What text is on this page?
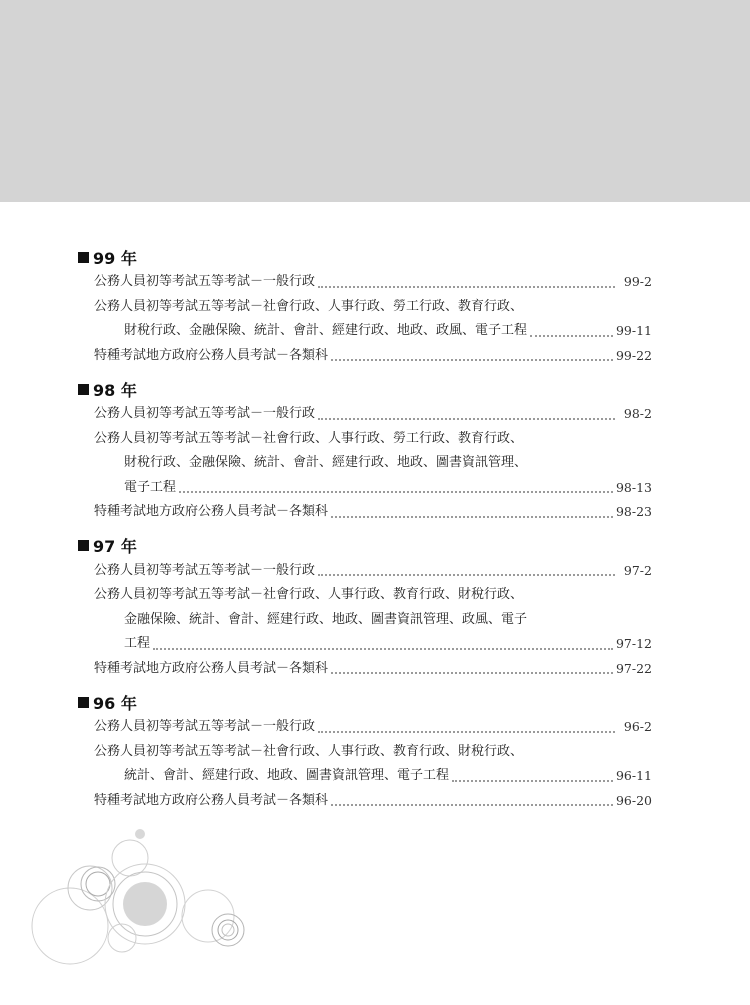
99 年
公務人員初等考試五等考試－一般行政	99-2
公務人員初等考試五等考試－社會行政、人事行政、勞工行政、教育行政、
財稅行政、金融保險、統計、會計、經建行政、地政、政風、電子工程	99-11
特種考試地方政府公務人員考試－各類科	99-22
98 年
公務人員初等考試五等考試－一般行政	98-2
公務人員初等考試五等考試－社會行政、人事行政、勞工行政、教育行政、
財稅行政、金融保險、統計、會計、經建行政、地政、圖書資訊管理、
電子工程	98-13
特種考試地方政府公務人員考試－各類科	98-23
97 年
公務人員初等考試五等考試－一般行政	97-2
公務人員初等考試五等考試－社會行政、人事行政、教育行政、財稅行政、
金融保險、統計、會計、經建行政、地政、圖書資訊管理、政風、電子
工程	97-12
特種考試地方政府公務人員考試－各類科	97-22
96 年
公務人員初等考試五等考試－一般行政	96-2
公務人員初等考試五等考試－社會行政、人事行政、教育行政、財稅行政、
統計、會計、經建行政、地政、圖書資訊管理、電子工程	96-11
特種考試地方政府公務人員考試－各類科	96-20
